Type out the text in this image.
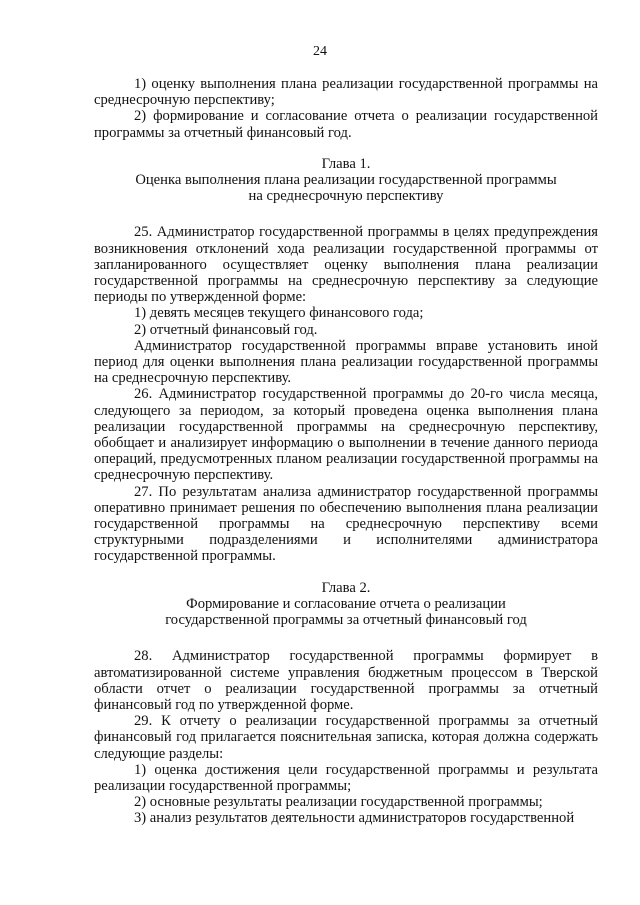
24

1) оценку выполнения плана реализации государственной программы на среднесрочную перспективу;

2) формирование и согласование отчета о реализации государственной программы за отчетный финансовый год.

Глава 1.

Оценка выполнения плана реализации государственной программы

на среднесрочную перспективу

25. Администратор государственной программы в целях предупреждения возникновения отклонений хода реализации государственной программы от запланированного осуществляет оценку выполнения плана реализации государственной программы на среднесрочную перспективу за следующие периоды по утвержденной форме:

1) девять месяцев текущего финансового года;

2) отчетный финансовый год.

Администратор государственной программы вправе установить иной период для оценки выполнения плана реализации государственной программы на среднесрочную перспективу.

26. Администратор государственной программы до 20-го числа месяца, следующего за периодом, за который проведена оценка выполнения плана реализации государственной программы на среднесрочную перспективу, обобщает и анализирует информацию о выполнении в течение данного периода операций, предусмотренных планом реализации государственной программы на среднесрочную перспективу.

27. По результатам анализа администратор государственной программы оперативно принимает решения по обеспечению выполнения плана реализации государственной программы на среднесрочную перспективу всеми структурными подразделениями и исполнителями администратора государственной программы.

Глава 2.

Формирование и согласование отчета о реализации

государственной программы за отчетный финансовый год

28. Администратор государственной программы формирует в автоматизированной системе управления бюджетным процессом в Тверской области отчет о реализации государственной программы за отчетный финансовый год по утвержденной форме.

29. К отчету о реализации государственной программы за отчетный финансовый год прилагается пояснительная записка, которая должна содержать следующие разделы:

1) оценка достижения цели государственной программы и результата реализации государственной программы;

2) основные результаты реализации государственной программы;

3) анализ результатов деятельности администраторов государственной
